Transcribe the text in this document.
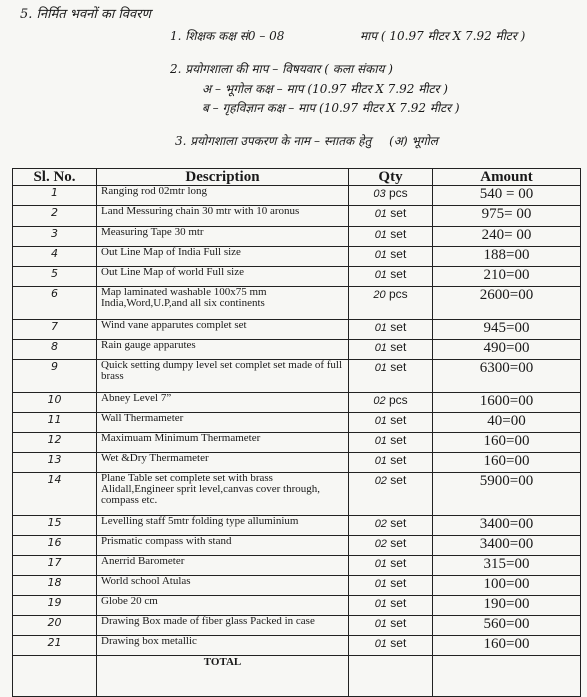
5. निर्मित भवनों का विवरण
1. शिक्षक कक्ष सं0 – 08	माप ( 10.97 मीटर X 7.92 मीटर )
2. प्रयोगशाला की माप – विषयवार ( कला संकाय )
अ – भूगोल कक्ष – माप (10.97 मीटर X 7.92 मीटर )
ब – गृहविज्ञान कक्ष – माप (10.97 मीटर X 7.92 मीटर )
3. प्रयोगशाला उपकरण के नाम – स्नातक हेतु (अ) भूगोल
Sl. No.	Description	Qty	Amount
1	Ranging rod 02mtr long	03 pcs	540 = 00
2	Land Messuring chain 30 mtr with 10 aronus	01 set	975= 00
3	Measuring Tape 30 mtr	01 set	240= 00
4	Out Line Map of India Full size	01 set	188=00
5	Out Line Map of world Full size	01 set	210=00
6	Map laminated washable 100x75 mm India,Word,U.P,and all six continents	20 pcs	2600=00
7	Wind vane apparutes complet set	01 set	945=00
8	Rain gauge apparutes	01 set	490=00
9	Quick setting dumpy level set complet set made of full brass	01 set	6300=00
10	Abney Level 7”	02 pcs	1600=00
11	Wall Thermameter	01 set	40=00
12	Maximuam Minimum Thermameter	01 set	160=00
13	Wet &Dry Thermameter	01 set	160=00
14	Plane Table set complete set with brass Alidall,Engineer sprit level,canvas cover through, compass etc.	02 set	5900=00
15	Levelling staff 5mtr folding type alluminium	02 set	3400=00
16	Prismatic compass with stand	02 set	3400=00
17	Anerrid Barometer	01 set	315=00
18	World school Atulas	01 set	100=00
19	Globe 20 cm	01 set	190=00
20	Drawing Box made of fiber glass Packed in case	01 set	560=00
21	Drawing box metallic	01 set	160=00
	TOTAL		
